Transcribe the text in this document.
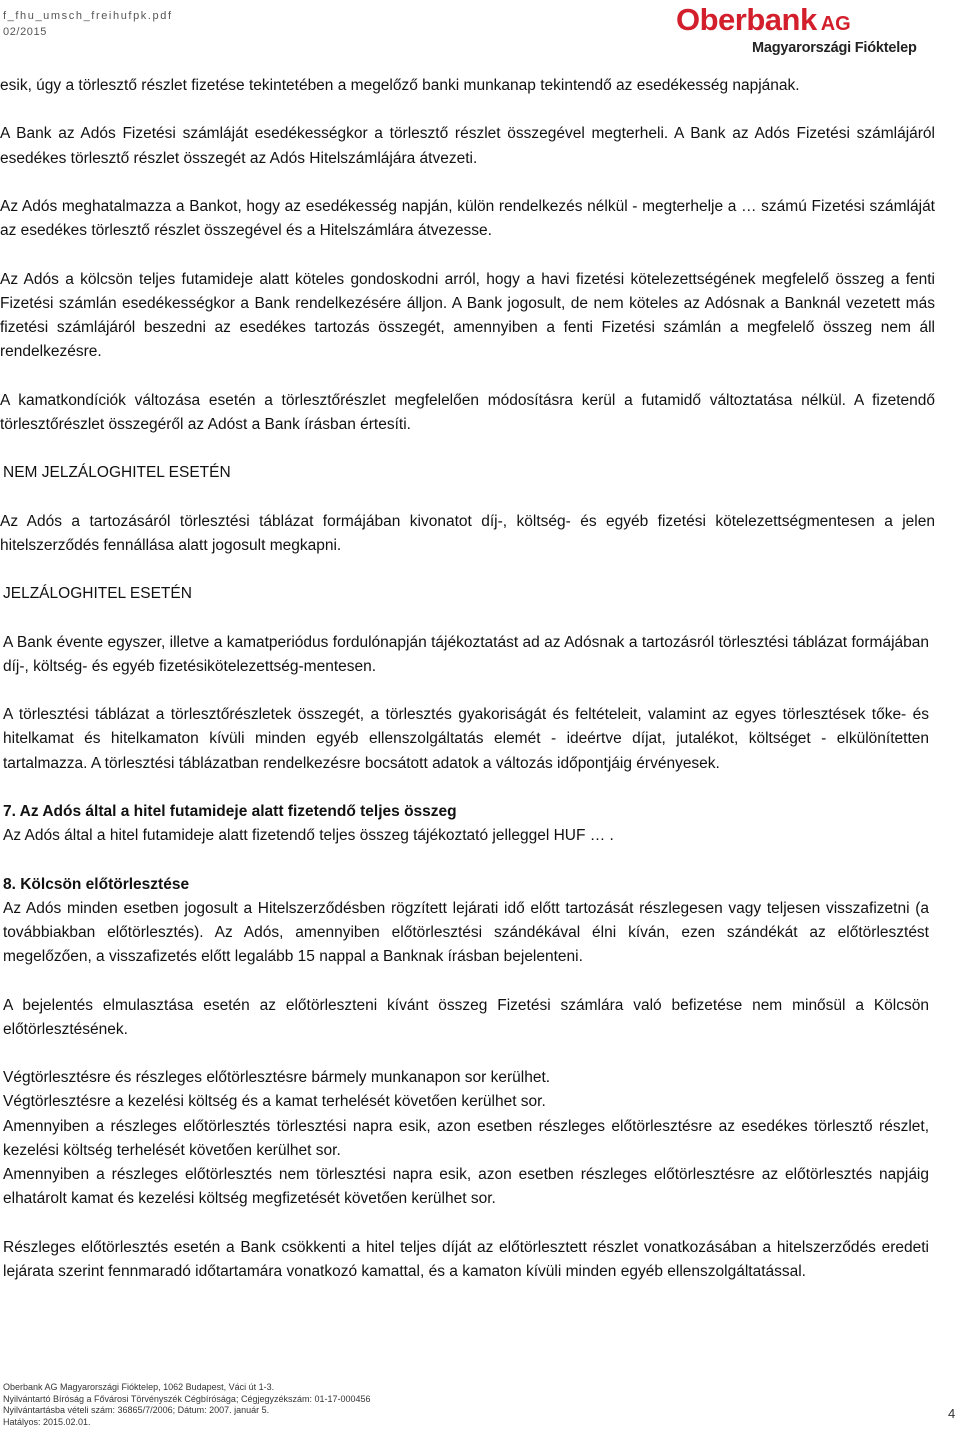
f_fhu_umsch_freihufpk.pdf
02/2015	Oberbank AG
Magyarországi Fióktelep

esik, úgy a törlesztő részlet fizetése tekintetében a megelőző banki munkanap tekintendő az esedékesség napjának.

A Bank az Adós Fizetési számláját esedékességkor a törlesztő részlet összegével megterheli. A Bank az Adós Fizetési számlájáról esedékes törlesztő részlet összegét az Adós Hitelszámlájára átvezeti.

Az Adós meghatalmazza a Bankot, hogy az esedékesség napján, külön rendelkezés nélkül - megterhelje a … számú Fizetési számláját az esedékes törlesztő részlet összegével és a Hitelszámlára átvezesse.

Az Adós a kölcsön teljes futamideje alatt köteles gondoskodni arról, hogy a havi fizetési kötelezettségének megfelelő összeg a fenti Fizetési számlán esedékességkor a Bank rendelkezésére álljon. A Bank jogosult, de nem köteles az Adósnak a Banknál vezetett más fizetési számlájáról beszedni az esedékes tartozás összegét, amennyiben a fenti Fizetési számlán a megfelelő összeg nem áll rendelkezésre.

A kamatkondíciók változása esetén a törlesztőrészlet megfelelően módosításra kerül a futamidő változtatása nélkül. A fizetendő törlesztőrészlet összegéről az Adóst a Bank írásban értesíti.

NEM JELZÁLOGHITEL ESETÉN

Az Adós a tartozásáról törlesztési táblázat formájában kivonatot díj-, költség- és egyéb fizetési kötelezettségmentesen a jelen hitelszerződés fennállása alatt jogosult megkapni.

JELZÁLOGHITEL ESETÉN

A Bank évente egyszer, illetve a kamatperiódus fordulónapján tájékoztatást ad az Adósnak a tartozásról törlesztési táblázat formájában díj-, költség- és egyéb fizetésikötelezettség-mentesen.

A törlesztési táblázat a törlesztőrészletek összegét, a törlesztés gyakoriságát és feltételeit, valamint az egyes törlesztések tőke- és hitelkamat és hitelkamaton kívüli minden egyéb ellenszolgáltatás elemét - ideértve díjat, jutalékot, költséget - elkülönítetten tartalmazza. A törlesztési táblázatban rendelkezésre bocsátott adatok a változás időpontjáig érvényesek.

7. Az Adós által a hitel futamideje alatt fizetendő teljes összeg

Az Adós által a hitel futamideje alatt fizetendő teljes összeg tájékoztató jelleggel HUF … .

8. Kölcsön előtörlesztése

Az Adós minden esetben jogosult a Hitelszerződésben rögzített lejárati idő előtt tartozását részlegesen vagy teljesen visszafizetni (a továbbiakban előtörlesztés). Az Adós, amennyiben előtörlesztési szándékával élni kíván, ezen szándékát az előtörlesztést megelőzően, a visszafizetés előtt legalább 15 nappal a Banknak írásban bejelenteni.

A bejelentés elmulasztása esetén az előtörleszteni kívánt összeg Fizetési számlára való befizetése nem minősül a Kölcsön előtörlesztésének.

Végtörlesztésre és részleges előtörlesztésre bármely munkanapon sor kerülhet.

Végtörlesztésre a kezelési költség és a kamat terhelését követően kerülhet sor.

Amennyiben a részleges előtörlesztés törlesztési napra esik, azon esetben részleges előtörlesztésre az esedékes törlesztő részlet, kezelési költség terhelését követően kerülhet sor.

Amennyiben a részleges előtörlesztés nem törlesztési napra esik, azon esetben részleges előtörlesztésre az előtörlesztés napjáig elhatárolt kamat és kezelési költség megfizetését követően kerülhet sor.

Részleges előtörlesztés esetén a Bank csökkenti a hitel teljes díját az előtörlesztett részlet vonatkozásában a hitelszerződés eredeti lejárata szerint fennmaradó időtartamára vonatkozó kamattal, és a kamaton kívüli minden egyéb ellenszolgáltatással.

Oberbank AG Magyarországi Fióktelep, 1062 Budapest, Váci út 1-3.
Nyilvántartó Bíróság a Fővárosi Törvényszék Cégbírósága; Cégjegyzékszám: 01-17-000456
Nyilvántartásba vételi szám: 36865/7/2006; Dátum: 2007. január 5.
Hatályos: 2015.02.01.
4
